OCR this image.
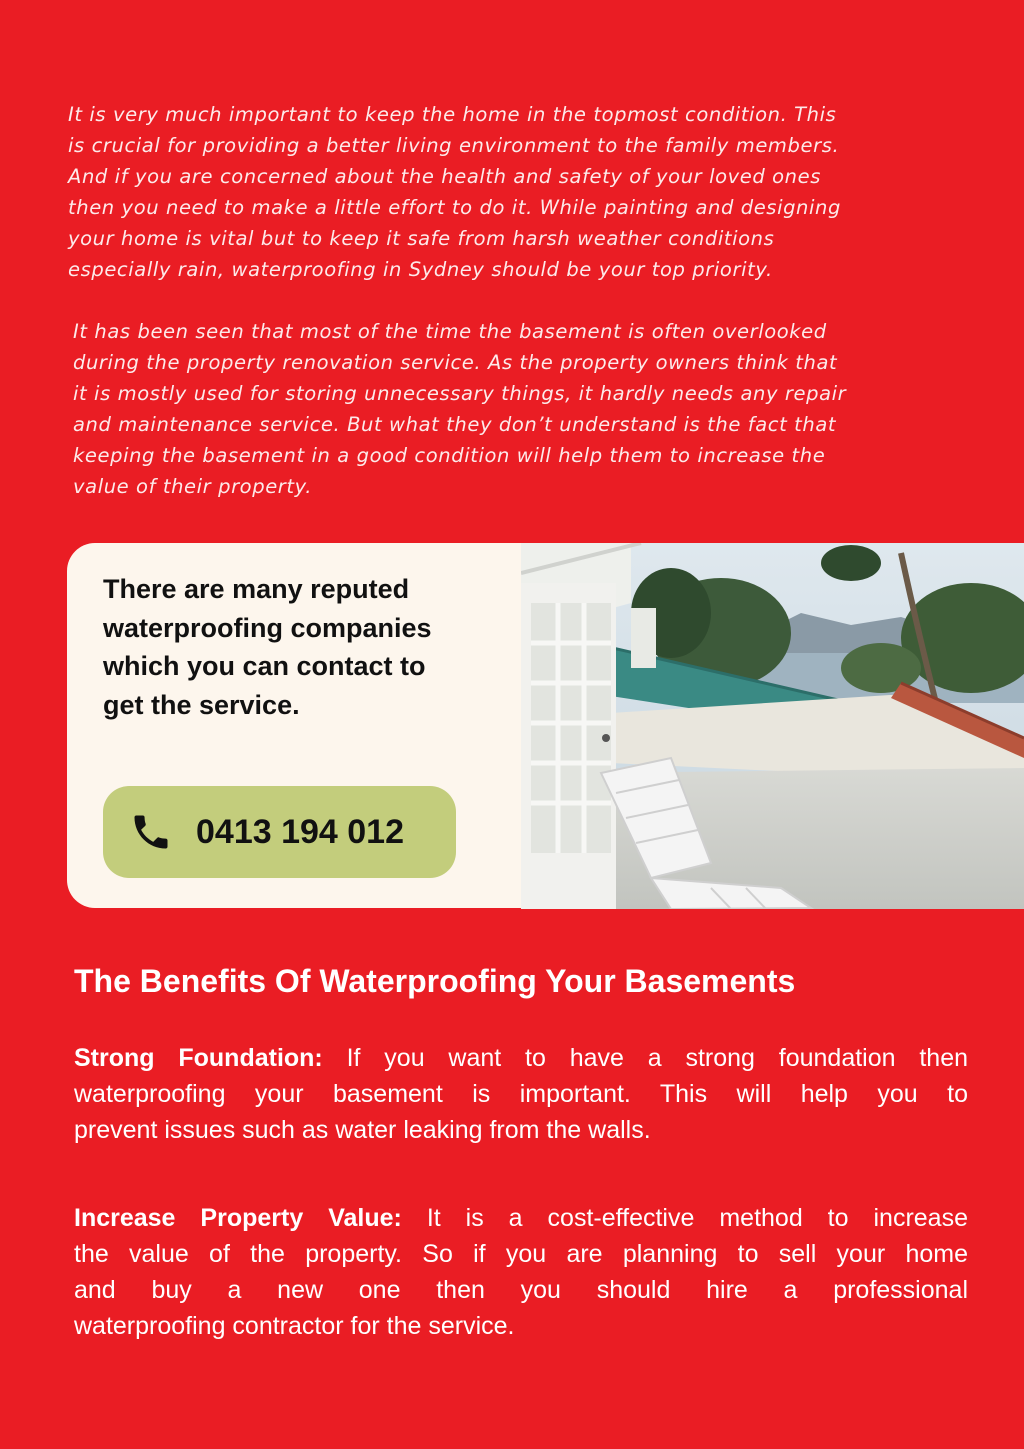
It is very much important to keep the home in the topmost condition. This
is crucial for providing a better living environment to the family members.
And if you are concerned about the health and safety of your loved ones
then you need to make a little effort to do it. While painting and designing
your home is vital but to keep it safe from harsh weather conditions
especially rain, waterproofing in Sydney should be your top priority.
It has been seen that most of the time the basement is often overlooked
during the property renovation service. As the property owners think that
it is mostly used for storing unnecessary things, it hardly needs any repair
and maintenance service. But what they don’t understand is the fact that
keeping the basement in a good condition will help them to increase the
value of their property.
There are many reputed
waterproofing companies
which you can contact to
get the service.
0413 194 012
The Benefits Of Waterproofing Your Basements
Strong Foundation: If you want to have a strong foundation then
waterproofing your basement is important. This will help you to
prevent issues such as water leaking from the walls.
Increase Property Value: It is a cost-effective method to increase
the value of the property. So if you are planning to sell your home
and buy a new one then you should hire a professional
waterproofing contractor for the service.
